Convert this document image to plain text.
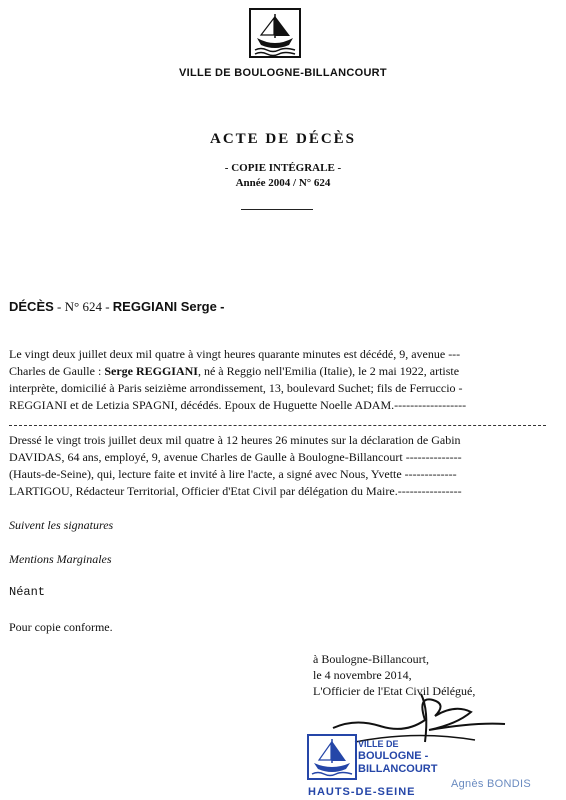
VILLE DE BOULOGNE-BILLANCOURT
ACTE DE DÉCÈS
- COPIE INTÉGRALE -
Année 2004 / N° 624
DÉCÈS - N° 624 - REGGIANI Serge -
Le vingt deux juillet deux mil quatre à vingt heures quarante minutes est décédé, 9, avenue ---
Charles de Gaulle : Serge REGGIANI, né à Reggio nell'Emilia (Italie), le 2 mai 1922, artiste
interprète, domicilié à Paris seizième arrondissement, 13, boulevard Suchet; fils de Ferruccio -
REGGIANI et de Letizia SPAGNI, décédés. Epoux de Huguette Noelle ADAM.------------------
Dressé le vingt trois juillet deux mil quatre à 12 heures 26 minutes sur la déclaration de Gabin
DAVIDAS, 64 ans, employé, 9, avenue Charles de Gaulle à Boulogne-Billancourt --------------
(Hauts-de-Seine), qui, lecture faite et invité à lire l'acte, a signé avec Nous, Yvette -------------
LARTIGOU, Rédacteur Territorial, Officier d'Etat Civil par délégation du Maire.----------------
Suivent les signatures
Mentions Marginales
Néant
Pour copie conforme.
à Boulogne-Billancourt,
le 4 novembre 2014,
L'Officier de l'Etat Civil Délégué,
VILLE DE
BOULOGNE -
BILLANCOURT
HAUTS-DE-SEINE
Agnès BONDIS
